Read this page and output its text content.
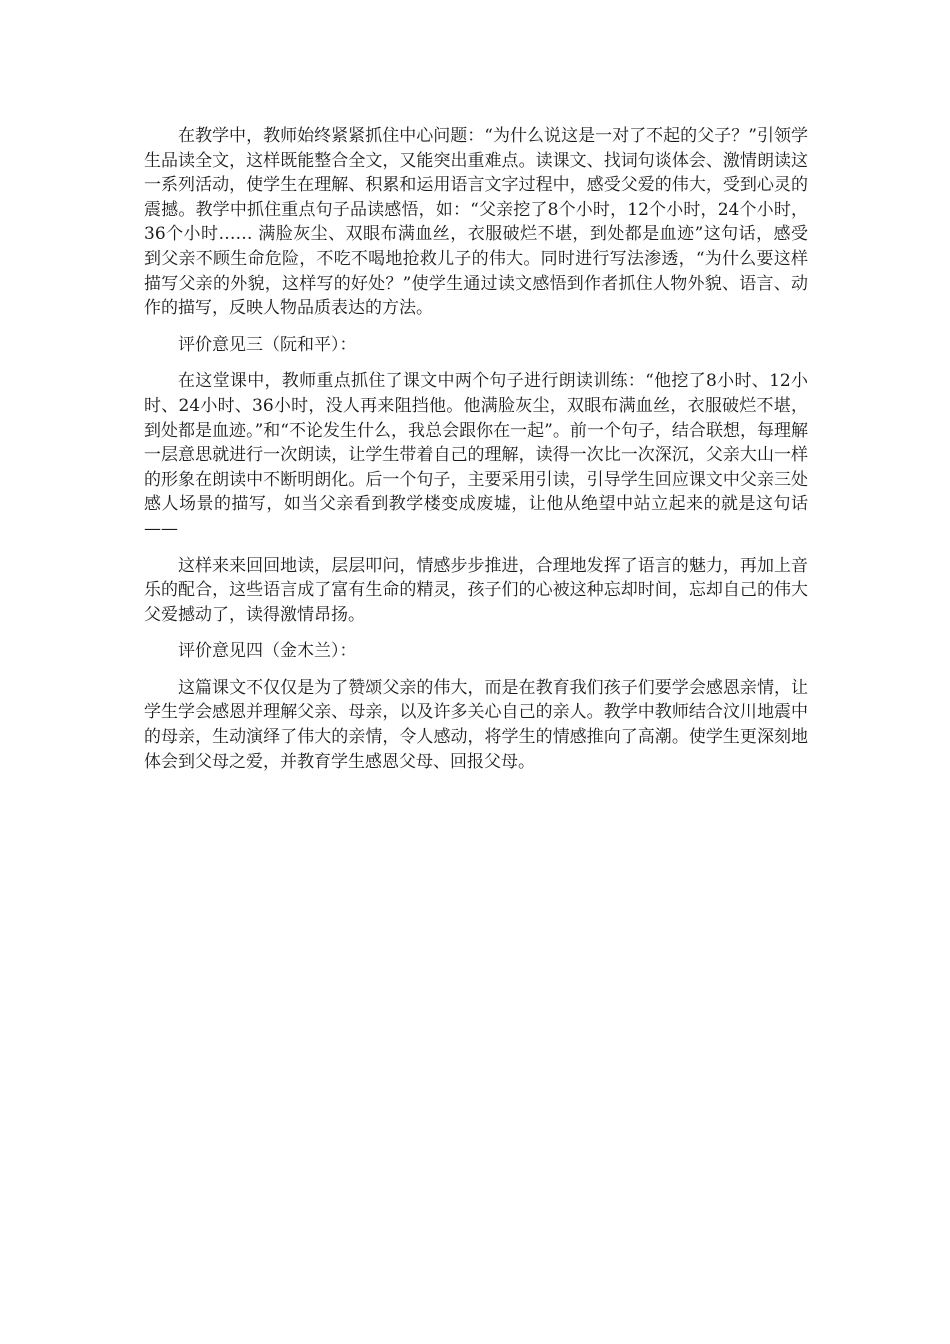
在教学中，教师始终紧紧抓住中心问题：“为什么说这是一对了不起的父子？”引领学生品读全文，这样既能整合全文，又能突出重难点。读课文、找词句谈体会、激情朗读这一系列活动，使学生在理解、积累和运用语言文字过程中，感受父爱的伟大，受到心灵的震撼。教学中抓住重点句子品读感悟，如：“父亲挖了8个小时，12个小时，24个小时，36个小时…… 满脸灰尘、双眼布满血丝，衣服破烂不堪，到处都是血迹”这句话，感受到父亲不顾生命危险，不吃不喝地抢救儿子的伟大。同时进行写法渗透，“为什么要这样描写父亲的外貌，这样写的好处？”使学生通过读文感悟到作者抓住人物外貌、语言、动作的描写，反映人物品质表达的方法。

评价意见三（阮和平）：

在这堂课中，教师重点抓住了课文中两个句子进行朗读训练：“他挖了8小时、12小时、24小时、36小时，没人再来阻挡他。他满脸灰尘，双眼布满血丝，衣服破烂不堪，到处都是血迹。”和“不论发生什么，我总会跟你在一起”。前一个句子，结合联想，每理解一层意思就进行一次朗读，让学生带着自己的理解，读得一次比一次深沉，父亲大山一样的形象在朗读中不断明朗化。后一个句子，主要采用引读，引导学生回应课文中父亲三处感人场景的描写，如当父亲看到教学楼变成废墟，让他从绝望中站立起来的就是这句话——

这样来来回回地读，层层叩问，情感步步推进，合理地发挥了语言的魅力，再加上音乐的配合，这些语言成了富有生命的精灵，孩子们的心被这种忘却时间，忘却自己的伟大父爱撼动了，读得激情昂扬。

评价意见四（金木兰）：

这篇课文不仅仅是为了赞颂父亲的伟大，而是在教育我们孩子们要学会感恩亲情，让学生学会感恩并理解父亲、母亲，以及许多关心自己的亲人。教学中教师结合汶川地震中的母亲，生动演绎了伟大的亲情，令人感动，将学生的情感推向了高潮。使学生更深刻地体会到父母之爱，并教育学生感恩父母、回报父母。
